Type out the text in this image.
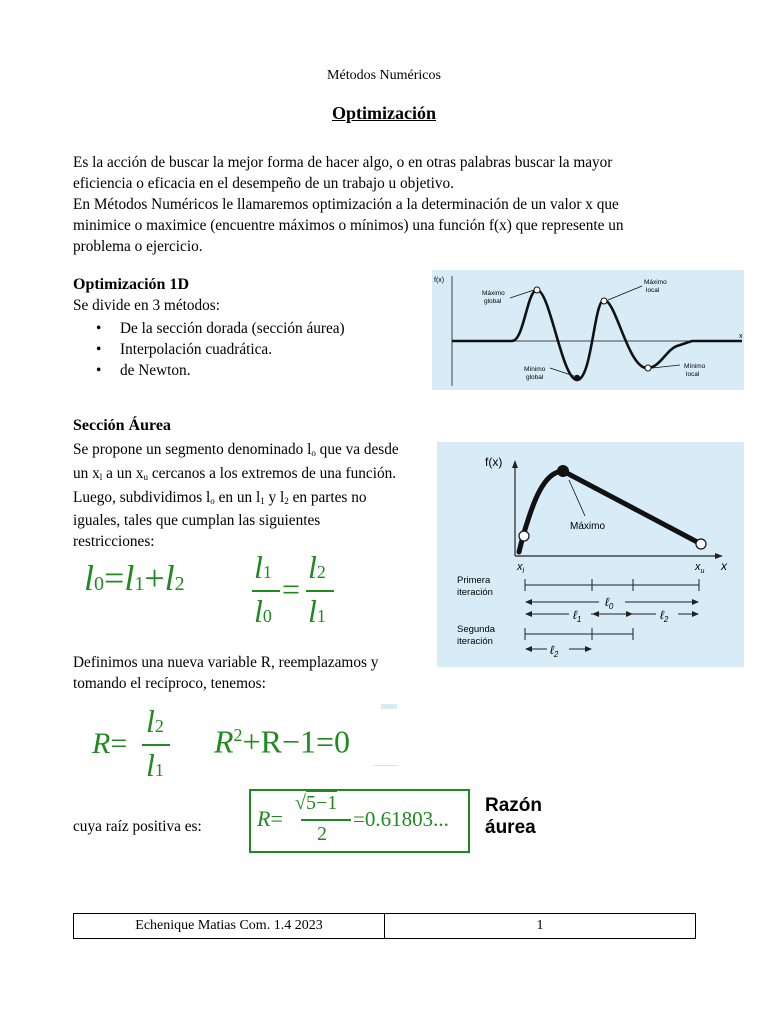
Métodos Numéricos
Optimización
Es la acción de buscar la mejor forma de hacer algo, o en otras palabras buscar la mayor
eficiencia o eficacia en el desempeño de un trabajo u objetivo.
En Métodos Numéricos le llamaremos optimización a la determinación de un valor x que
minimice o maximice (encuentre máximos o mínimos) una función f(x) que represente un
problema o ejercicio.
Optimización 1D
Se divide en 3 métodos:
• De la sección dorada (sección áurea)
• Interpolación cuadrática.
• de Newton.
f(x)
x
Máximo
global
Máximo
local
Mínimo
global
Mínimo
local
Sección Áurea
Se propone un segmento denominado $l_o$ que va desde
un $x_l$ a un $x_u$ cercanos a los extremos de una función.
Luego, subdividimos $l_o$ en un $l_1$ y $l_2$ en partes no
iguales, tales que cumplan las siguientes
restricciones:
f(x)
x
Máximo
$x_l$	$x_u$
Primera
iteración
ℓ$_0$
ℓ$_1$	ℓ$_2$
Segunda
iteración
ℓ$_2$
l0=l1+l2 l1
l0
=
l2
l1
Definimos una nueva variable R, reemplazamos y
tomando el recíproco, tenemos:
R=
l2
l1
$R^2+R-1=0$
cuya raíz positiva es:	R=
√5−1
2
=0.61803...
Razón
áurea
Echenique Matias Com. 1.4 2023	1
